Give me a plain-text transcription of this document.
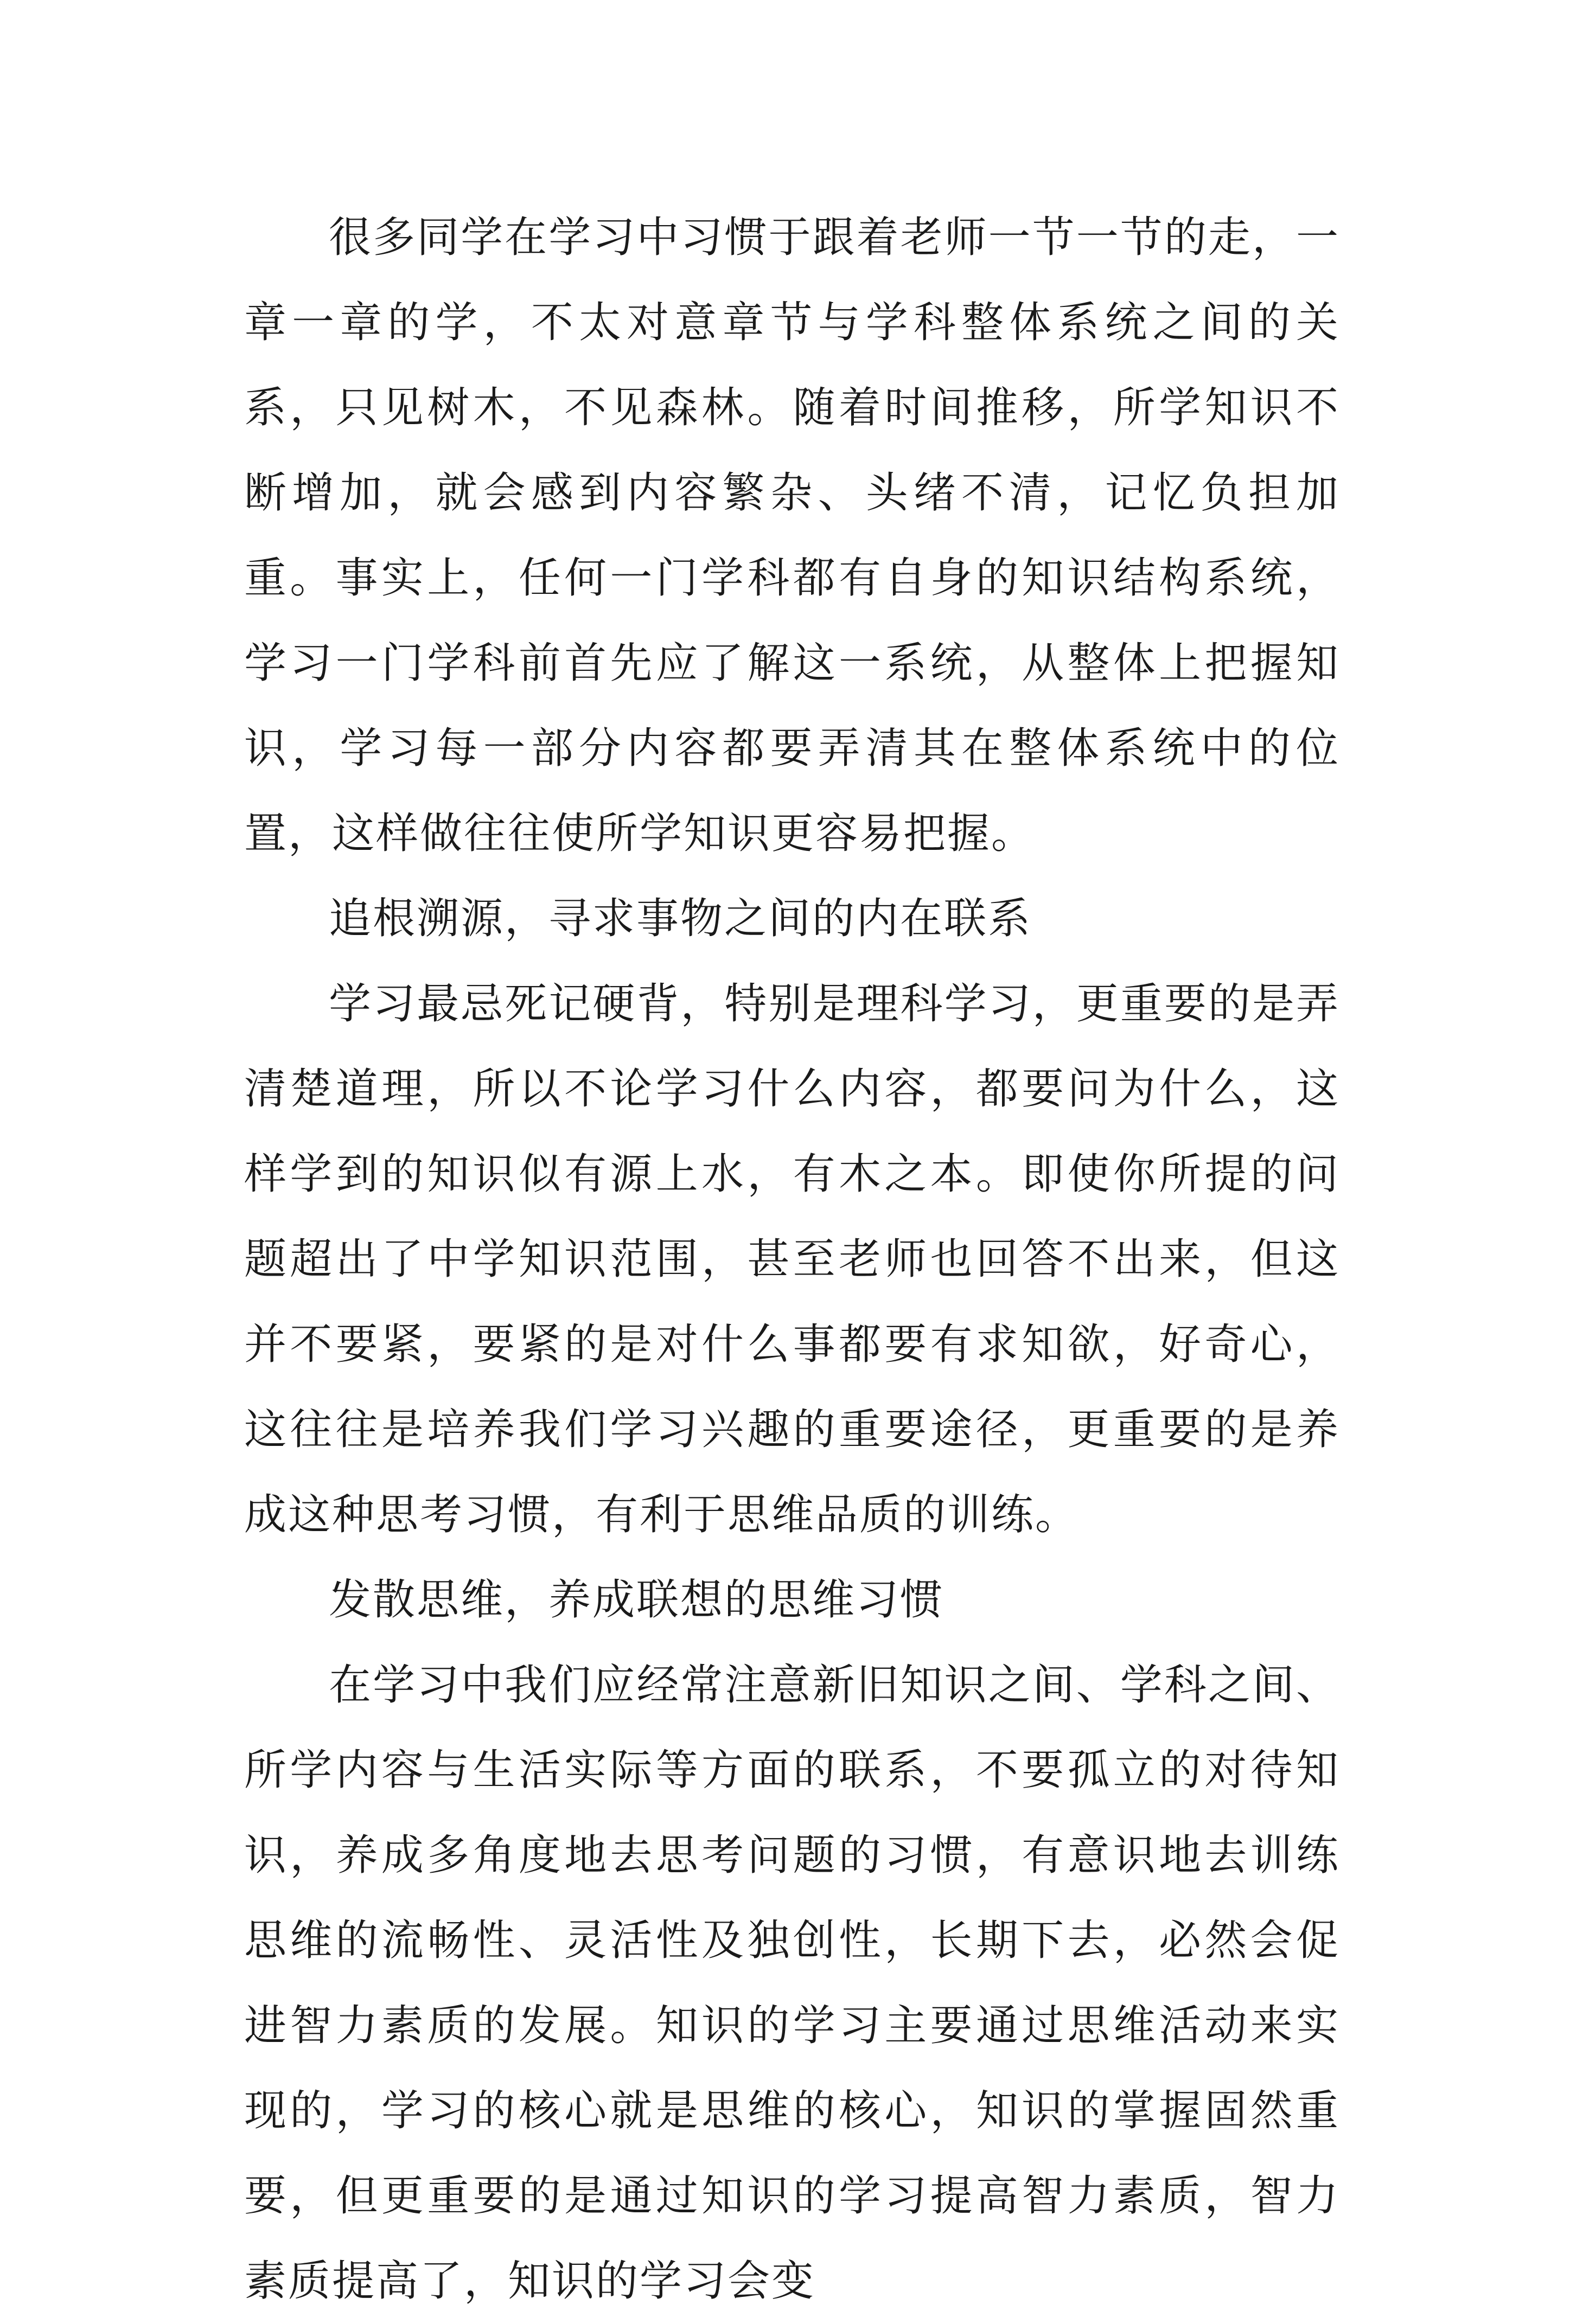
很多同学在学习中习惯于跟着老师一节一节的走，一章一章的学，不太对意章节与学科整体系统之间的关系，只见树木，不见森林。随着时间推移，所学知识不断增加，就会感到内容繁杂、头绪不清，记忆负担加重。事实上，任何一门学科都有自身的知识结构系统，学习一门学科前首先应了解这一系统，从整体上把握知识，学习每一部分内容都要弄清其在整体系统中的位置，这样做往往使所学知识更容易把握。

追根溯源，寻求事物之间的内在联系

学习最忌死记硬背，特别是理科学习，更重要的是弄清楚道理，所以不论学习什么内容，都要问为什么，这样学到的知识似有源上水，有木之本。即使你所提的问题超出了中学知识范围，甚至老师也回答不出来，但这并不要紧，要紧的是对什么事都要有求知欲，好奇心，这往往是培养我们学习兴趣的重要途径，更重要的是养成这种思考习惯，有利于思维品质的训练。

发散思维，养成联想的思维习惯

在学习中我们应经常注意新旧知识之间、学科之间、所学内容与生活实际等方面的联系，不要孤立的对待知识，养成多角度地去思考问题的习惯，有意识地去训练思维的流畅性、灵活性及独创性，长期下去，必然会促进智力素质的发展。知识的学习主要通过思维活动来实现的，学习的核心就是思维的核心，知识的掌握固然重要，但更重要的是通过知识的学习提高智力素质，智力素质提高了，知识的学习会变
